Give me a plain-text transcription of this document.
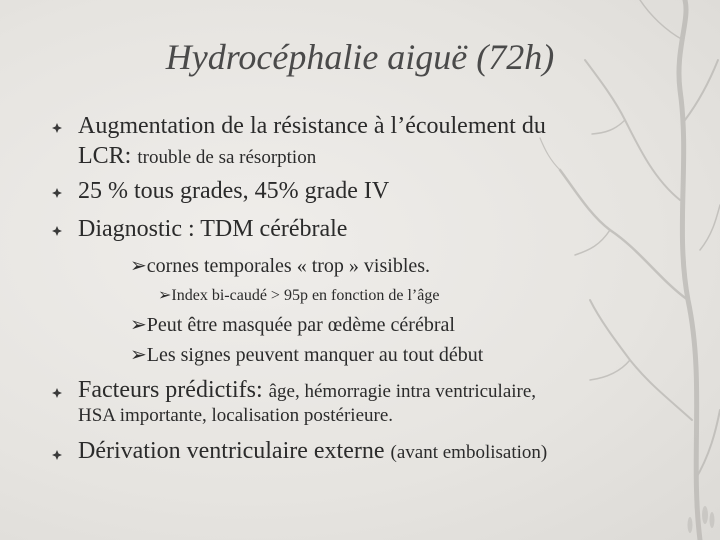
Hydrocéphalie aiguë (72h)
Augmentation de la résistance à l’écoulement du
LCR: trouble de sa résorption
25 % tous grades, 45% grade IV
Diagnostic : TDM cérébrale
➢cornes temporales « trop » visibles.
➢Index bi-caudé > 95p en fonction de l’âge
➢Peut être masquée par œdème cérébral
➢Les signes peuvent manquer au tout début
Facteurs prédictifs: âge, hémorragie intra ventriculaire,
HSA importante, localisation postérieure.
Dérivation ventriculaire externe (avant embolisation)
